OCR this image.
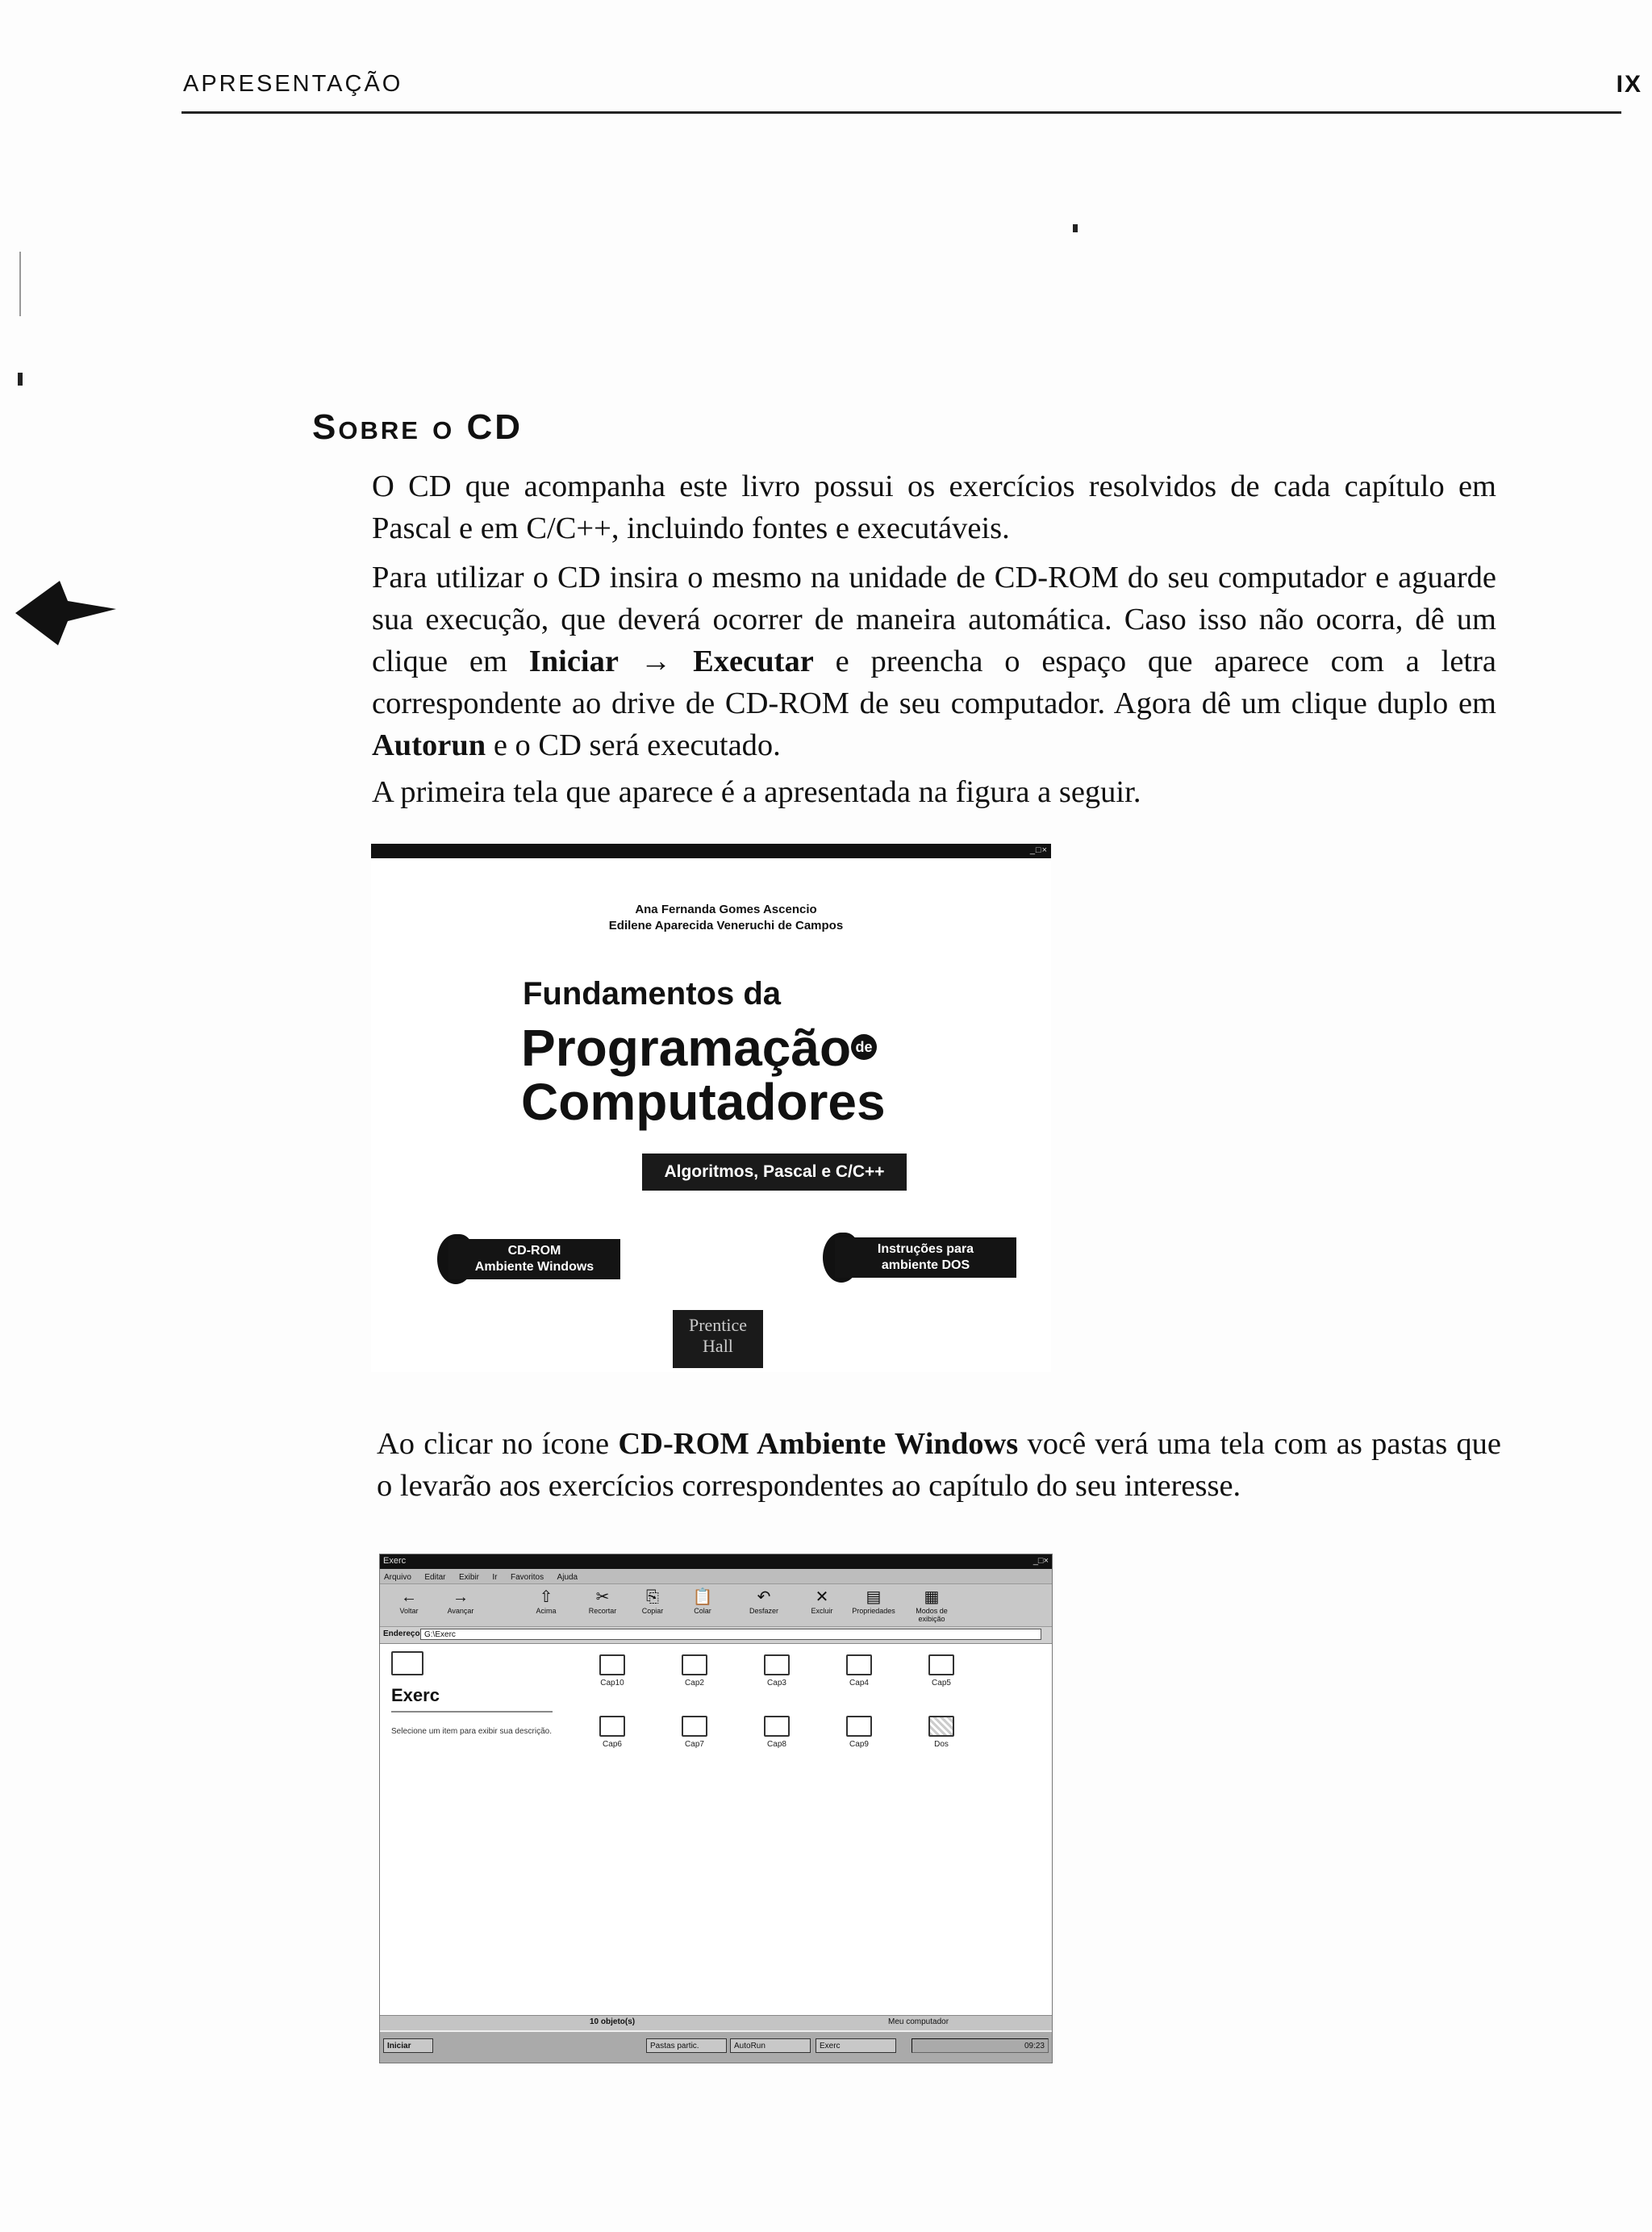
APRESENTAÇÃO	IX
Sobre o CD
O CD que acompanha este livro possui os exercícios resolvidos de cada capítulo em Pascal e em C/C++, incluindo fontes e executáveis.
Para utilizar o CD insira o mesmo na unidade de CD-ROM do seu computador e aguarde sua execução, que deverá ocorrer de maneira automática. Caso isso não ocorra, dê um clique em Iniciar → Executar e preencha o espaço que aparece com a letra correspondente ao drive de CD-ROM de seu computador. Agora dê um clique duplo em Autorun e o CD será executado.
A primeira tela que aparece é a apresentada na figura a seguir.
_□×
Ana Fernanda Gomes Ascencio
Edilene Aparecida Veneruchi de Campos
Fundamentos da
Programação de
Computadores
Algoritmos, Pascal e C/C++
CD-ROM
Ambiente Windows
Instruções para
ambiente DOS
Prentice
Hall
Ao clicar no ícone CD-ROM Ambiente Windows você verá uma tela com as pastas que o levarão aos exercícios correspondentes ao capítulo do seu interesse.
Exerc	_□×
Arquivo Editar Exibir Ir Favoritos Ajuda
←
Voltar
→
Avançar
⇧
Acima
✂
Recortar
⎘
Copiar
📋
Colar
↶
Desfazer
✕
Excluir
▤
Propriedades
▦
Modos de exibição
Endereço G:\Exerc
Exerc
Selecione um item para exibir sua descrição.
Cap10	Cap2	Cap3	Cap4	Cap5
Cap6	Cap7	Cap8	Cap9	Dos
10 objeto(s)	Meu computador
Iniciar	Pastas partic.	AutoRun	Exerc	09:23
